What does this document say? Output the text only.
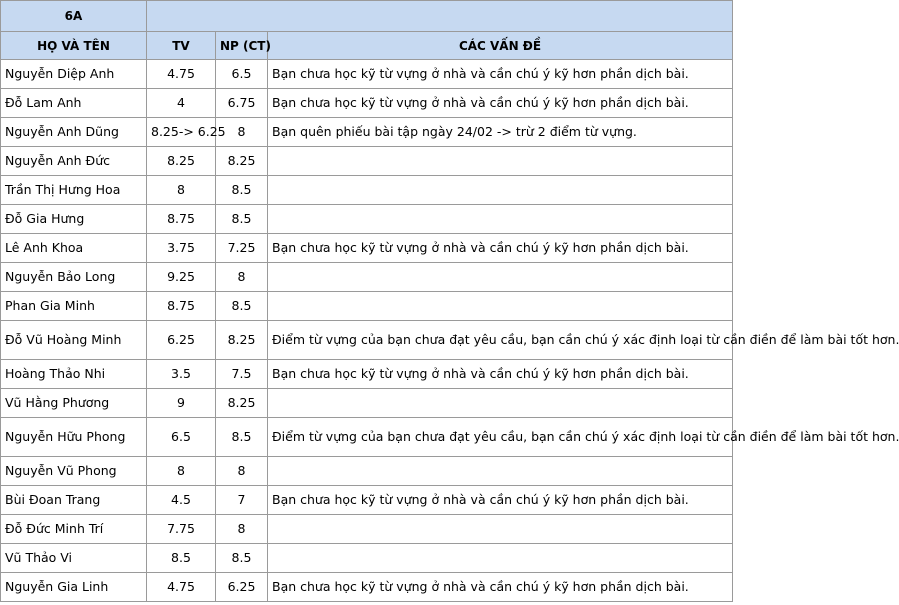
6A			
HỌ VÀ TÊN	TV	NP (CT)	CÁC VẤN ĐỀ
Nguyễn Diệp Anh	4.75	6.5	Bạn chưa học kỹ từ vựng ở nhà và cần chú ý kỹ hơn phần dịch bài.
Đỗ Lam Anh	4	6.75	Bạn chưa học kỹ từ vựng ở nhà và cần chú ý kỹ hơn phần dịch bài.
Nguyễn Anh Dũng	8.25-> 6.25	8	Bạn quên phiếu bài tập ngày 24/02 -> trừ 2 điểm từ vựng.
Nguyễn Anh Đức	8.25	8.25	
Trần Thị Hưng Hoa	8	8.5	
Đỗ Gia Hưng	8.75	8.5	
Lê Anh Khoa	3.75	7.25	Bạn chưa học kỹ từ vựng ở nhà và cần chú ý kỹ hơn phần dịch bài.
Nguyễn Bảo Long	9.25	8	
Phan Gia Minh	8.75	8.5	
Đỗ Vũ Hoàng Minh	6.25	8.25	Điểm từ vựng của bạn chưa đạt yêu cầu, bạn cần chú ý xác định loại từ cần điền để làm bài tốt hơn.
Hoàng Thảo Nhi	3.5	7.5	Bạn chưa học kỹ từ vựng ở nhà và cần chú ý kỹ hơn phần dịch bài.
Vũ Hằng Phương	9	8.25	
Nguyễn Hữu Phong	6.5	8.5	Điểm từ vựng của bạn chưa đạt yêu cầu, bạn cần chú ý xác định loại từ cần điền để làm bài tốt hơn.
Nguyễn Vũ Phong	8	8	
Bùi Đoan Trang	4.5	7	Bạn chưa học kỹ từ vựng ở nhà và cần chú ý kỹ hơn phần dịch bài.
Đỗ Đức Minh Trí	7.75	8	
Vũ Thảo Vi	8.5	8.5	
Nguyễn Gia Linh	4.75	6.25	Bạn chưa học kỹ từ vựng ở nhà và cần chú ý kỹ hơn phần dịch bài.
